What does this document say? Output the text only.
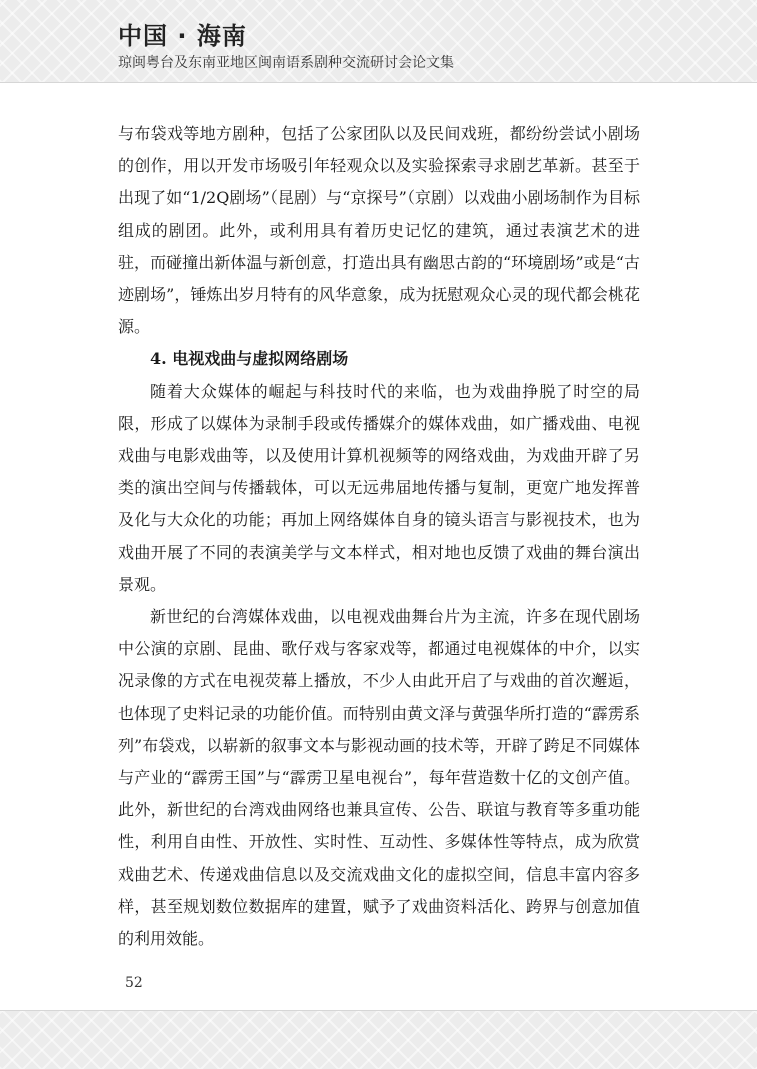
中国 · 海南
琼闽粤台及东南亚地区闽南语系剧种交流研讨会论文集

与布袋戏等地方剧种，包括了公家团队以及民间戏班，都纷纷尝试小剧场的创作，用以开发市场吸引年轻观众以及实验探索寻求剧艺革新。甚至于出现了如“1/2Q剧场”（昆剧）与“京探号”（京剧）以戏曲小剧场制作为目标组成的剧团。此外，或利用具有着历史记忆的建筑，通过表演艺术的进驻，而碰撞出新体温与新创意，打造出具有幽思古韵的“环境剧场”或是“古迹剧场”，锤炼出岁月特有的风华意象，成为抚慰观众心灵的现代都会桃花源。

4. 电视戏曲与虚拟网络剧场

随着大众媒体的崛起与科技时代的来临，也为戏曲挣脱了时空的局限，形成了以媒体为录制手段或传播媒介的媒体戏曲，如广播戏曲、电视戏曲与电影戏曲等，以及使用计算机视频等的网络戏曲，为戏曲开辟了另类的演出空间与传播载体，可以无远弗届地传播与复制，更宽广地发挥普及化与大众化的功能；再加上网络媒体自身的镜头语言与影视技术，也为戏曲开展了不同的表演美学与文本样式，相对地也反馈了戏曲的舞台演出景观。

新世纪的台湾媒体戏曲，以电视戏曲舞台片为主流，许多在现代剧场中公演的京剧、昆曲、歌仔戏与客家戏等，都通过电视媒体的中介，以实况录像的方式在电视荧幕上播放，不少人由此开启了与戏曲的首次邂逅，也体现了史料记录的功能价值。而特别由黄文泽与黄强华所打造的“霹雳系列”布袋戏，以崭新的叙事文本与影视动画的技术等，开辟了跨足不同媒体与产业的“霹雳王国”与“霹雳卫星电视台”，每年营造数十亿的文创产值。此外，新世纪的台湾戏曲网络也兼具宣传、公告、联谊与教育等多重功能性，利用自由性、开放性、实时性、互动性、多媒体性等特点，成为欣赏戏曲艺术、传递戏曲信息以及交流戏曲文化的虚拟空间，信息丰富内容多样，甚至规划数位数据库的建置，赋予了戏曲资料活化、跨界与创意加值的利用效能。

52
